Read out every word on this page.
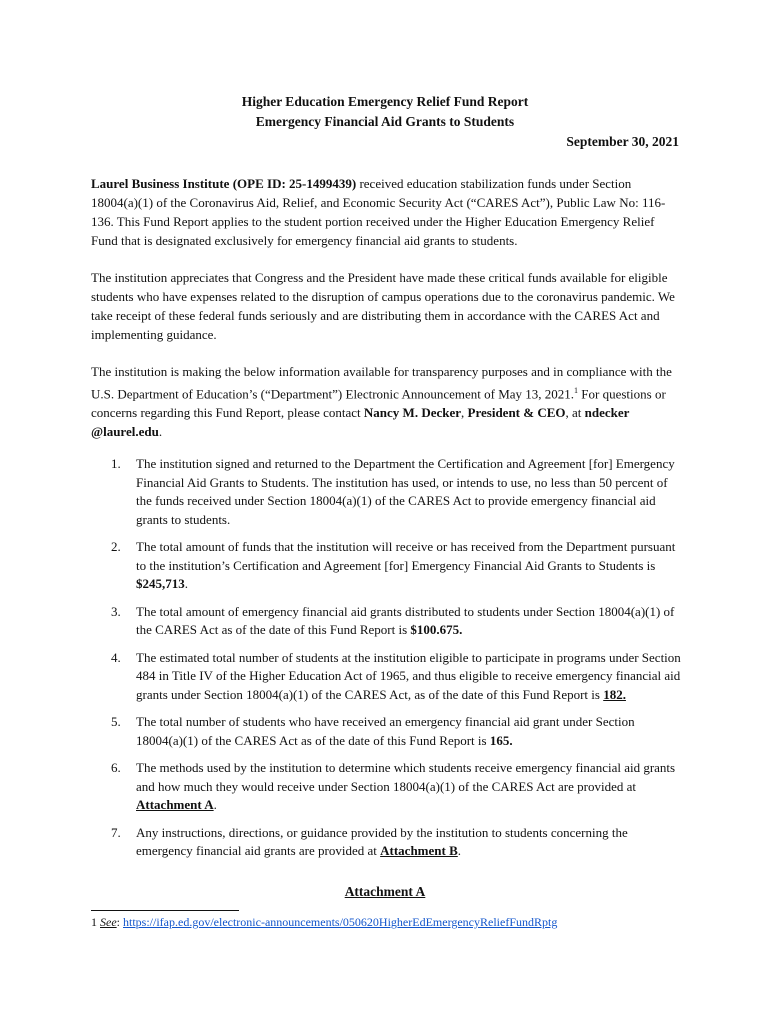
Higher Education Emergency Relief Fund Report
Emergency Financial Aid Grants to Students
September 30, 2021

Laurel Business Institute (OPE ID: 25-1499439) received education stabilization funds under Section 18004(a)(1) of the Coronavirus Aid, Relief, and Economic Security Act (“CARES Act”), Public Law No: 116-136. This Fund Report applies to the student portion received under the Higher Education Emergency Relief Fund that is designated exclusively for emergency financial aid grants to students.

The institution appreciates that Congress and the President have made these critical funds available for eligible students who have expenses related to the disruption of campus operations due to the coronavirus pandemic. We take receipt of these federal funds seriously and are distributing them in accordance with the CARES Act and implementing guidance.

The institution is making the below information available for transparency purposes and in compliance with the U.S. Department of Education’s (“Department”) Electronic Announcement of May 13, 2021.$^1$ For questions or concerns regarding this Fund Report, please contact Nancy M. Decker, President & CEO, at ndecker @laurel.edu.

1. The institution signed and returned to the Department the Certification and Agreement [for] Emergency Financial Aid Grants to Students. The institution has used, or intends to use, no less than 50 percent of the funds received under Section 18004(a)(1) of the CARES Act to provide emergency financial aid grants to students.
2. The total amount of funds that the institution will receive or has received from the Department pursuant to the institution’s Certification and Agreement [for] Emergency Financial Aid Grants to Students is $245,713.
3. The total amount of emergency financial aid grants distributed to students under Section 18004(a)(1) of the CARES Act as of the date of this Fund Report is $100.675.
4. The estimated total number of students at the institution eligible to participate in programs under Section 484 in Title IV of the Higher Education Act of 1965, and thus eligible to receive emergency financial aid grants under Section 18004(a)(1) of the CARES Act, as of the date of this Fund Report is 182.
5. The total number of students who have received an emergency financial aid grant under Section 18004(a)(1) of the CARES Act as of the date of this Fund Report is 165.
6. The methods used by the institution to determine which students receive emergency financial aid grants and how much they would receive under Section 18004(a)(1) of the CARES Act are provided at Attachment A.
7. Any instructions, directions, or guidance provided by the institution to students concerning the emergency financial aid grants are provided at Attachment B.
Attachment A
1 See: https://ifap.ed.gov/electronic-announcements/050620HigherEdEmergencyReliefFundRptg
